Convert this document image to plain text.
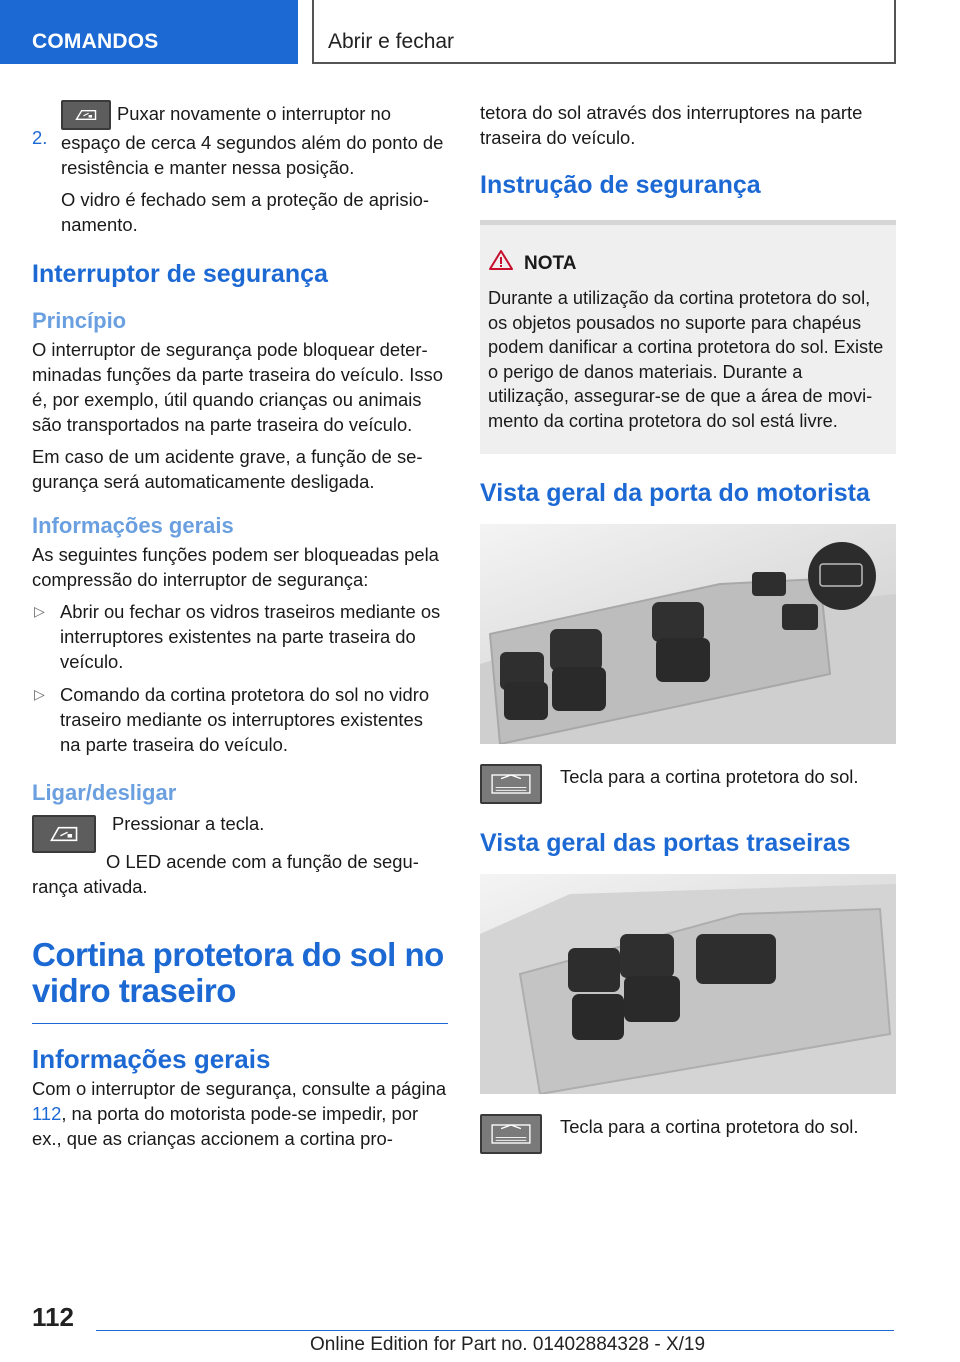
COMANDOS	Abrir e fechar
2.

Puxar novamente o interruptor no espaço de cerca 4 segundos além do ponto de resistência e manter nessa posição.

O vidro é fechado sem a proteção de aprisionamento.

Interruptor de segurança
Princípio

O interruptor de segurança pode bloquear determinadas funções da parte traseira do veículo. Isso é, por exemplo, útil quando crianças ou animais são transportados na parte traseira do veículo.

Em caso de um acidente grave, a função de segurança será automaticamente desligada.

Informações gerais

As seguintes funções podem ser bloqueadas pela compressão do interruptor de segurança:

▷ Abrir ou fechar os vidros traseiros mediante os interruptores existentes na parte traseira do veículo.
▷ Comando da cortina protetora do sol no vidro traseiro mediante os interruptores existentes na parte traseira do veículo.
Ligar/desligar

Pressionar a tecla.

O LED acende com a função de segurança ativada.

Cortina protetora do sol no vidro traseiro
Informações gerais

Com o interruptor de segurança, consulte a página 112, na porta do motorista pode-se impedir, por ex., que as crianças accionem a cortina pro-

tetora do sol através dos interruptores na parte traseira do veículo.

Instrução de segurança
NOTA
Durante a utilização da cortina protetora do sol, os objetos pousados no suporte para chapéus podem danificar a cortina protetora do sol. Existe o perigo de danos materiais. Durante a utilização, assegurar-se de que a área de movimento da cortina protetora do sol está livre.
Vista geral da porta do motorista

Tecla para a cortina protetora do sol.

Vista geral das portas traseiras

Tecla para a cortina protetora do sol.

112
Online Edition for Part no. 01402884328 - X/19
